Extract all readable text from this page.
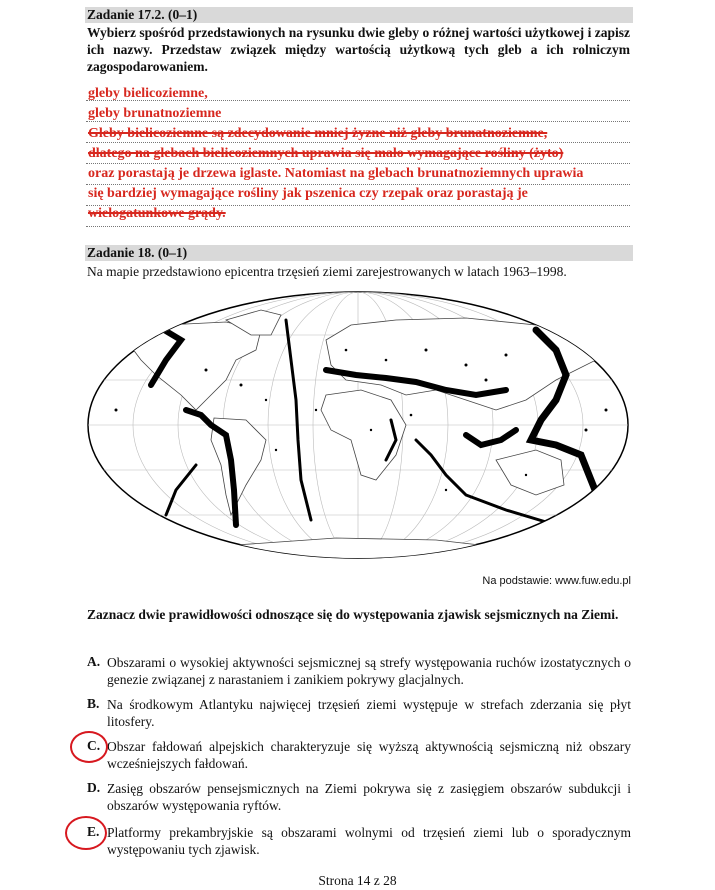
Zadanie 17.2. (0–1)
Wybierz spośród przedstawionych na rysunku dwie gleby o różnej wartości użytkowej i zapisz ich nazwy. Przedstaw związek między wartością użytkową tych gleb a ich rolniczym zagospodarowaniem.
gleby bielicoziemne,
gleby brunatnoziemne
Gleby bielicoziemne są zdecydowanie mniej żyzne niż gleby brunatnoziemne,
dlatego na glebach bielicoziemnych uprawia się mało wymagające rośliny (żyto)
oraz porastają je drzewa iglaste. Natomiast na glebach brunatnoziemnych uprawia
się bardziej wymagające rośliny jak pszenica czy rzepak oraz porastają je
wielogatunkowe grądy.
Zadanie 18. (0–1)
Na mapie przedstawiono epicentra trzęsień ziemi zarejestrowanych w latach 1963–1998.
Na podstawie: www.fuw.edu.pl
Zaznacz dwie prawidłowości odnoszące się do występowania zjawisk sejsmicznych na Ziemi.
A. Obszarami o wysokiej aktywności sejsmicznej są strefy występowania ruchów izostatycznych o genezie związanej z narastaniem i zanikiem pokrywy glacjalnych.
B. Na środkowym Atlantyku najwięcej trzęsień ziemi występuje w strefach zderzania się płyt litosfery.
C. Obszar fałdowań alpejskich charakteryzuje się wyższą aktywnością sejsmiczną niż obszary wcześniejszych fałdowań.
D. Zasięg obszarów pensejsmicznych na Ziemi pokrywa się z zasięgiem obszarów subdukcji i obszarów występowania ryftów.
E. Platformy prekambryjskie są obszarami wolnymi od trzęsień ziemi lub o sporadycznym występowaniu tych zjawisk.
Strona 14 z 28
